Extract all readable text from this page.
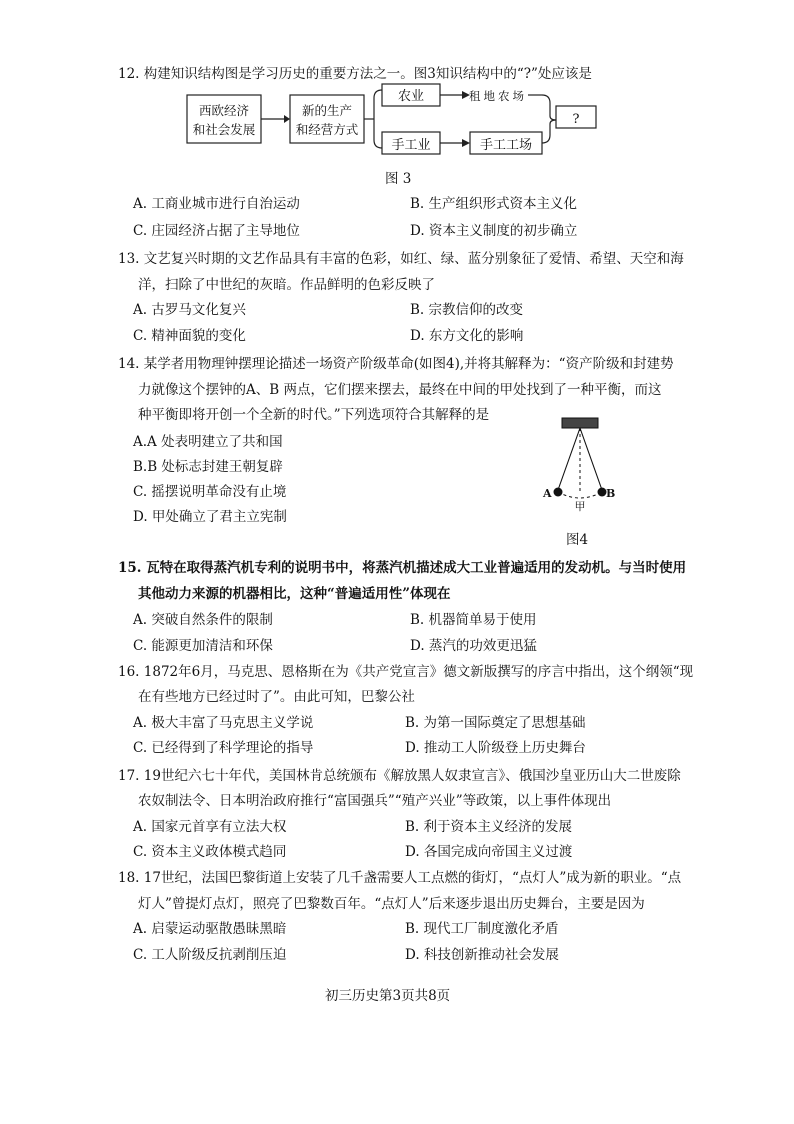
12. 构建知识结构图是学习历史的重要方法之一。图3知识结构中的“?”处应该是
西欧经济
和社会发展
新的生产
和经营方式
农业	租地农场
手工业	手工工场
?
图 3
A. 工商业城市进行自治运动	B. 生产组织形式资本主义化
C. 庄园经济占据了主导地位	D. 资本主义制度的初步确立
13. 文艺复兴时期的文艺作品具有丰富的色彩，如红、绿、蓝分别象征了爱情、希望、天空和海
洋，扫除了中世纪的灰暗。作品鲜明的色彩反映了
A. 古罗马文化复兴	B. 宗教信仰的改变
C. 精神面貌的变化	D. 东方文化的影响
14. 某学者用物理钟摆理论描述一场资产阶级革命(如图4),并将其解释为：“资产阶级和封建势
力就像这个摆钟的A、B 两点，它们摆来摆去，最终在中间的甲处找到了一种平衡，而这
种平衡即将开创一个全新的时代。”下列选项符合其解释的是
A.A 处表明建立了共和国
B.B 处标志封建王朝复辟
C. 摇摆说明革命没有止境
D. 甲处确立了君主立宪制
A	B
甲
图4
15. 瓦特在取得蒸汽机专利的说明书中，将蒸汽机描述成大工业普遍适用的发动机。与当时使用
其他动力来源的机器相比，这种“普遍适用性”体现在
A. 突破自然条件的限制	B. 机器简单易于使用
C. 能源更加清洁和环保	D. 蒸汽的功效更迅猛
16. 1872年6月，马克思、恩格斯在为《共产党宣言》德文新版撰写的序言中指出，这个纲领“现
在有些地方已经过时了”。由此可知，巴黎公社
A. 极大丰富了马克思主义学说	B. 为第一国际奠定了思想基础
C. 已经得到了科学理论的指导	D. 推动工人阶级登上历史舞台
17. 19世纪六七十年代，美国林肯总统颁布《解放黑人奴隶宣言》、俄国沙皇亚历山大二世废除
农奴制法令、日本明治政府推行“富国强兵”“殖产兴业”等政策，以上事件体现出
A. 国家元首享有立法大权	B. 利于资本主义经济的发展
C. 资本主义政体模式趋同	D. 各国完成向帝国主义过渡
18. 17世纪，法国巴黎街道上安装了几千盏需要人工点燃的街灯，“点灯人”成为新的职业。“点
灯人”曾提灯点灯，照亮了巴黎数百年。“点灯人”后来逐步退出历史舞台，主要是因为
A. 启蒙运动驱散愚昧黑暗	B. 现代工厂制度激化矛盾
C. 工人阶级反抗剥削压迫	D. 科技创新推动社会发展
初三历史第3页共8页
